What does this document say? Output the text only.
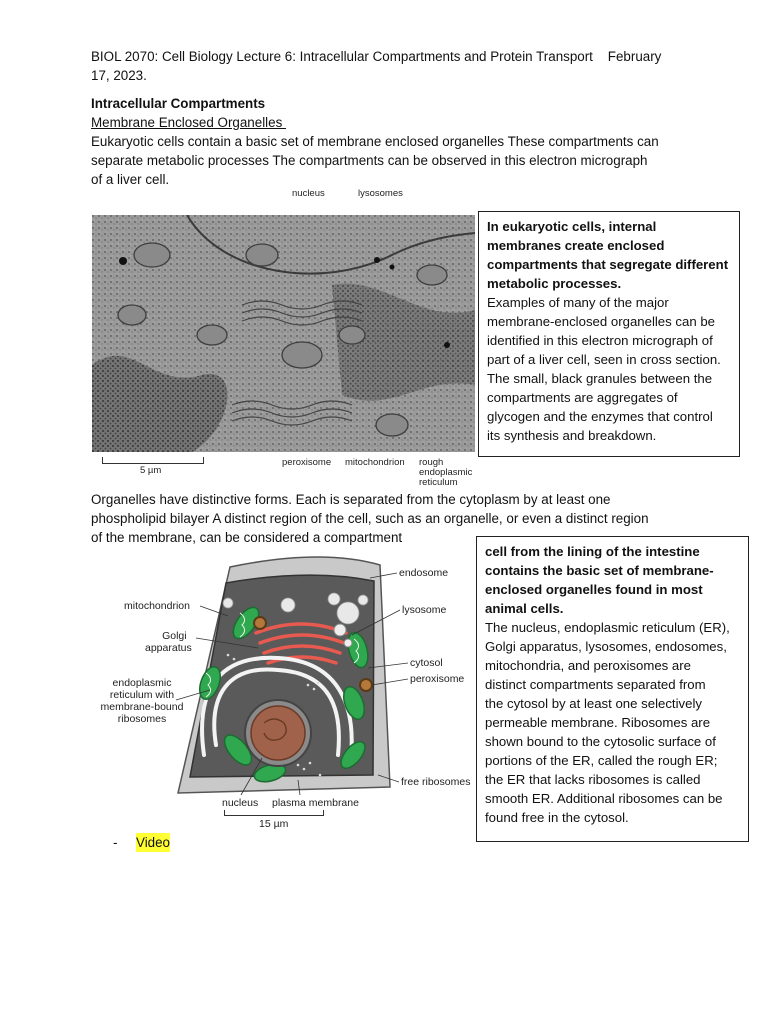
BIOL 2070: Cell Biology Lecture 6: Intracellular Compartments and Protein Transport    February
17, 2023.
Intracellular Compartments
Membrane Enclosed Organelles
Eukaryotic cells contain a basic set of membrane enclosed organelles These compartments can
separate metabolic processes The compartments can be observed in this electron micrograph
of a liver cell.
nucleus	lysosomes
5 µm
peroxisome mitochondrion rough
endoplasmic
reticulum

In eukaryotic cells, internal

membranes create enclosed

compartments that segregate different

metabolic processes.

Examples of many of the major

membrane-enclosed organelles can be

identified in this electron micrograph of

part of a liver cell, seen in cross section.

The small, black granules between the

compartments are aggregates of

glycogen and the enzymes that control

its synthesis and breakdown.

Organelles have distinctive forms. Each is separated from the cytoplasm by at least one
phospholipid bilayer A distinct region of the cell, such as an organelle, or even a distinct region
of the membrane, can be considered a compartment
endosome
mitochondrion	lysosome
Golgi
apparatus
cytosol
peroxisome
endoplasmic
reticulum with
membrane-bound
ribosomes
free ribosomes
nucleus plasma membrane
15 µm

cell from the lining of the intestine

contains the basic set of membrane-

enclosed organelles found in most

animal cells.

The nucleus, endoplasmic reticulum (ER),

Golgi apparatus, lysosomes, endosomes,

mitochondria, and peroxisomes are

distinct compartments separated from

the cytosol by at least one selectively

permeable membrane. Ribosomes are

shown bound to the cytosolic surface of

portions of the ER, called the rough ER;

the ER that lacks ribosomes is called

smooth ER. Additional ribosomes can be

found free in the cytosol.

- Video
